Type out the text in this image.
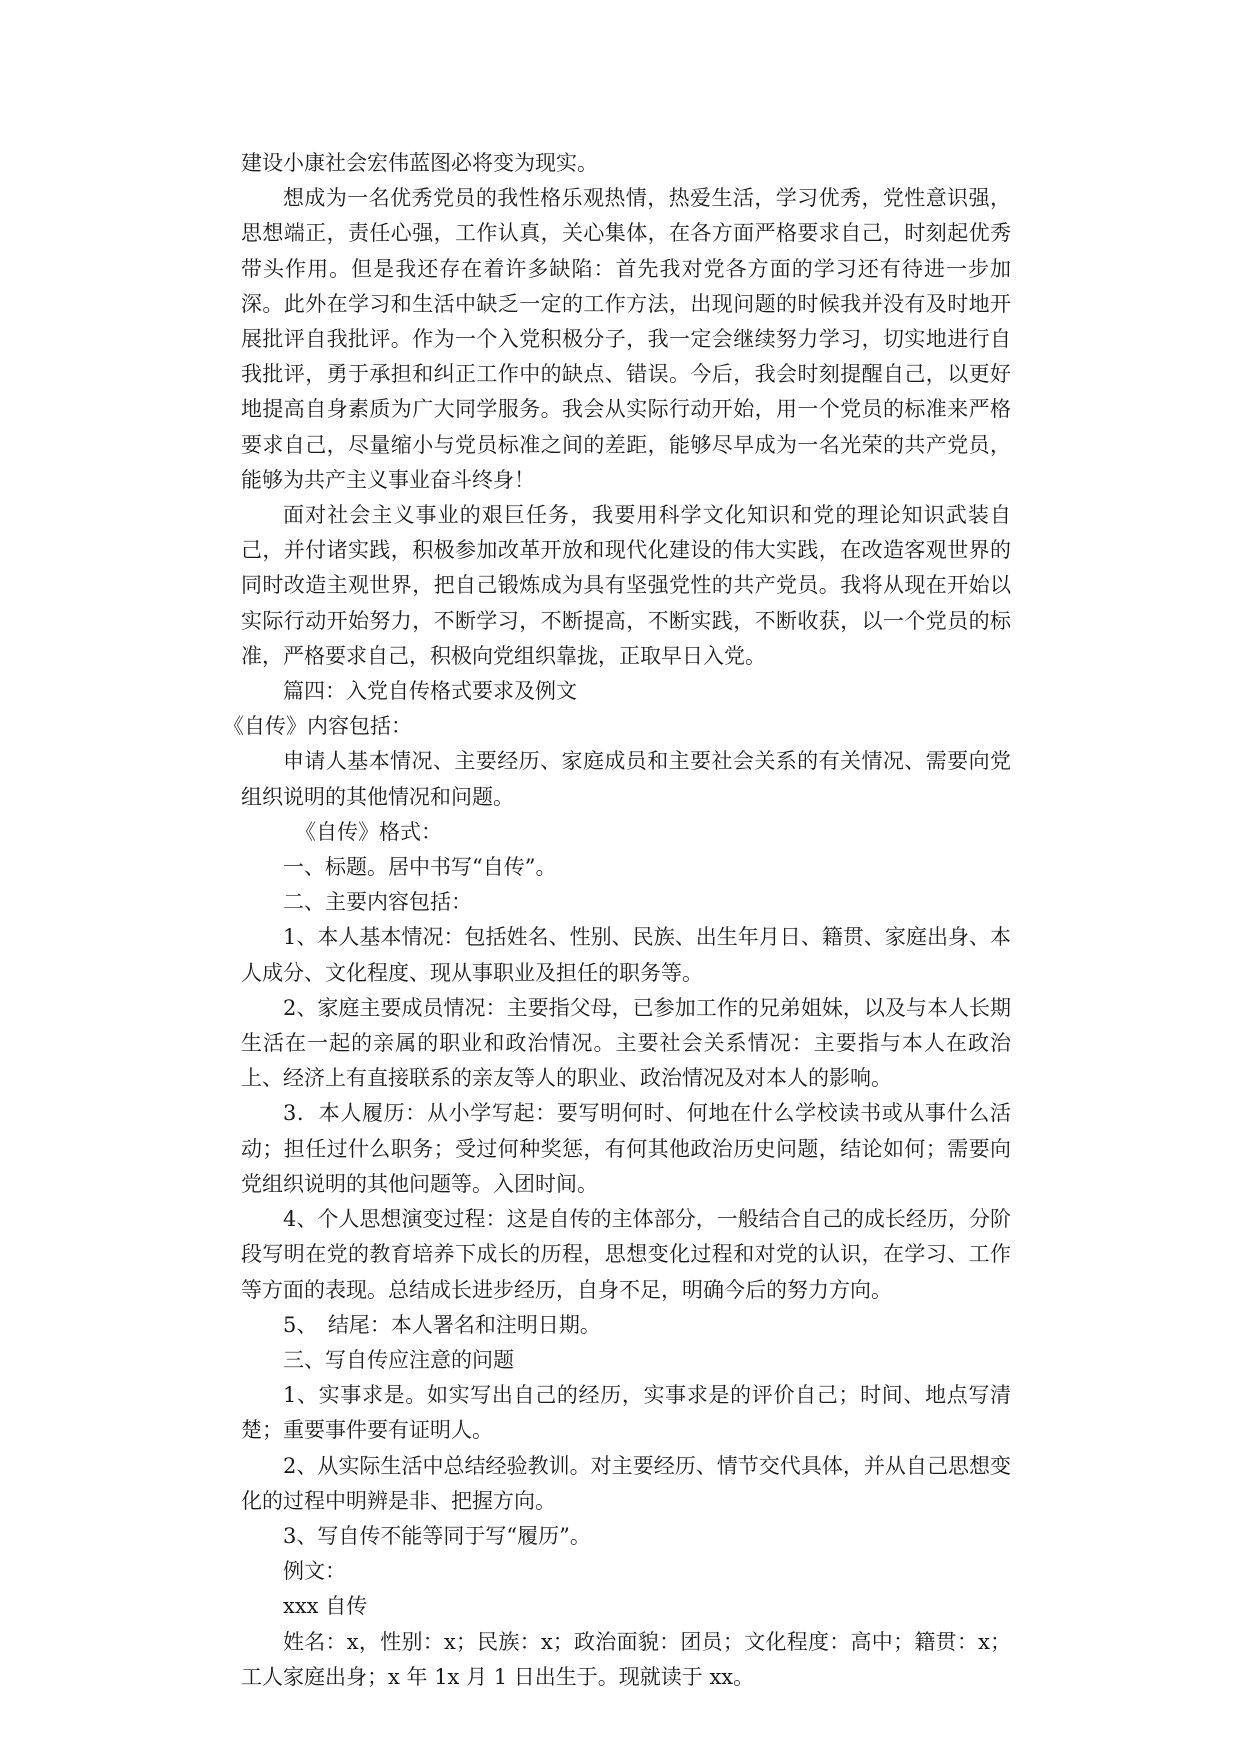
建设小康社会宏伟蓝图必将变为现实。

想成为一名优秀党员的我性格乐观热情，热爱生活，学习优秀，党性意识强，思想端正，责任心强，工作认真，关心集体，在各方面严格要求自己，时刻起优秀带头作用。但是我还存在着许多缺陷：首先我对党各方面的学习还有待进一步加深。此外在学习和生活中缺乏一定的工作方法，出现问题的时候我并没有及时地开展批评自我批评。作为一个入党积极分子，我一定会继续努力学习，切实地进行自我批评，勇于承担和纠正工作中的缺点、错误。今后，我会时刻提醒自己，以更好地提高自身素质为广大同学服务。我会从实际行动开始，用一个党员的标准来严格要求自己，尽量缩小与党员标准之间的差距，能够尽早成为一名光荣的共产党员，能够为共产主义事业奋斗终身！

面对社会主义事业的艰巨任务，我要用科学文化知识和党的理论知识武装自己，并付诸实践，积极参加改革开放和现代化建设的伟大实践，在改造客观世界的同时改造主观世界，把自己锻炼成为具有坚强党性的共产党员。我将从现在开始以实际行动开始努力，不断学习，不断提高，不断实践，不断收获，以一个党员的标准，严格要求自己，积极向党组织靠拢，正取早日入党。

篇四：入党自传格式要求及例文

《自传》内容包括：

申请人基本情况、主要经历、家庭成员和主要社会关系的有关情况、需要向党组织说明的其他情况和问题。

《自传》格式：

一、标题。居中书写“自传”。

二、主要内容包括：

1、本人基本情况：包括姓名、性别、民族、出生年月日、籍贯、家庭出身、本人成分、文化程度、现从事职业及担任的职务等。

2、家庭主要成员情况：主要指父母，已参加工作的兄弟姐妹，以及与本人长期生活在一起的亲属的职业和政治情况。主要社会关系情况：主要指与本人在政治上、经济上有直接联系的亲友等人的职业、政治情况及对本人的影响。

3．本人履历：从小学写起：要写明何时、何地在什么学校读书或从事什么活动；担任过什么职务；受过何种奖惩，有何其他政治历史问题，结论如何；需要向党组织说明的其他问题等。入团时间。

4、个人思想演变过程：这是自传的主体部分，一般结合自己的成长经历，分阶段写明在党的教育培养下成长的历程，思想变化过程和对党的认识，在学习、工作等方面的表现。总结成长进步经历，自身不足，明确今后的努力方向。

5、　结尾：本人署名和注明日期。

三、写自传应注意的问题

1、实事求是。如实写出自己的经历，实事求是的评价自己；时间、地点写清楚；重要事件要有证明人。

2、从实际生活中总结经验教训。对主要经历、情节交代具体，并从自己思想变化的过程中明辨是非、把握方向。

3、写自传不能等同于写“履历”。

例文：

xxx 自传

姓名：x，性别：x；民族：x；政治面貌：团员；文化程度：高中；籍贯：x；工人家庭出身；x 年 1x 月 1 日出生于。现就读于 xx。
